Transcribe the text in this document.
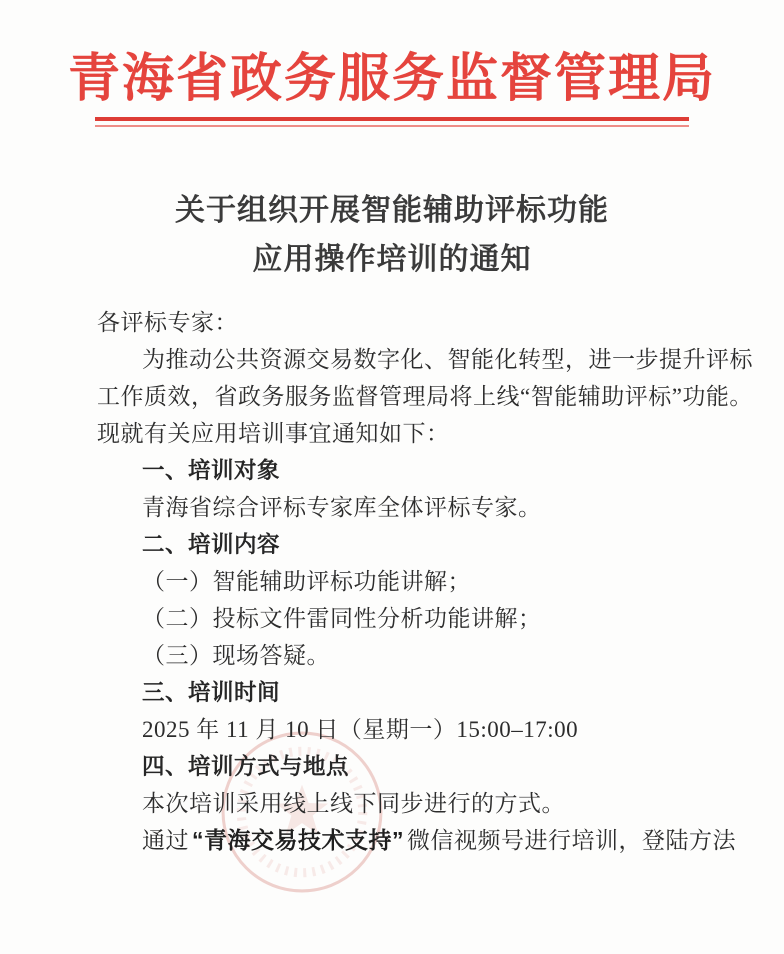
青海省政务服务监督管理局
关于组织开展智能辅助评标功能
应用操作培训的通知
各评标专家：
为推动公共资源交易数字化、智能化转型，进一步提升评标
工作质效，省政务服务监督管理局将上线“智能辅助评标”功能。
现就有关应用培训事宜通知如下：
一、培训对象
青海省综合评标专家库全体评标专家。
二、培训内容
（一）智能辅助评标功能讲解；
（二）投标文件雷同性分析功能讲解；
（三）现场答疑。
三、培训时间
2025 年 11 月 10 日（星期一）15:00–17:00
四、培训方式与地点
本次培训采用线上线下同步进行的方式。
通过 “青海交易技术支持” 微信视频号进行培训，登陆方法
